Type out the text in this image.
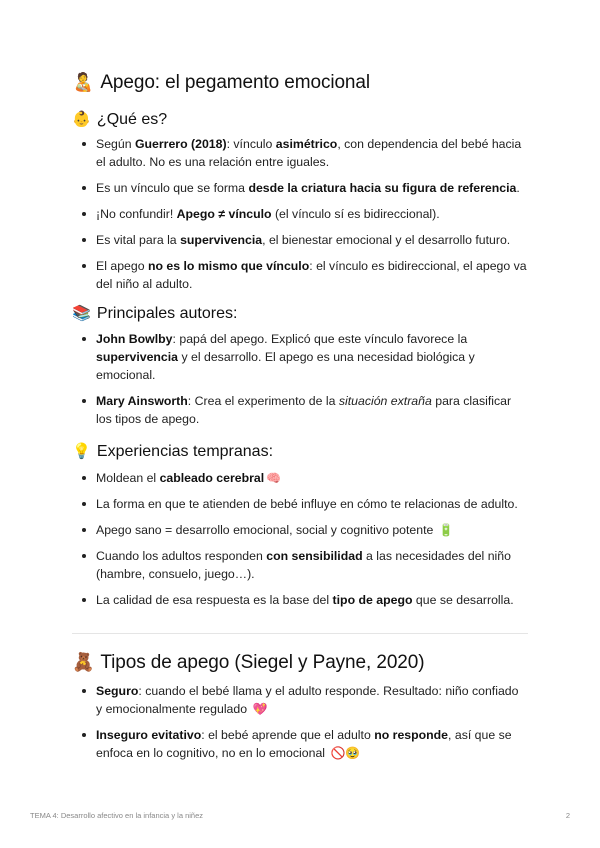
🧑‍🍼 Apego: el pegamento emocional
👶 ¿Qué es?
Según Guerrero (2018): vínculo asimétrico, con dependencia del bebé hacia el adulto. No es una relación entre iguales.
Es un vínculo que se forma desde la criatura hacia su figura de referencia.
¡No confundir! Apego ≠ vínculo (el vínculo sí es bidireccional).
Es vital para la supervivencia, el bienestar emocional y el desarrollo futuro.
El apego no es lo mismo que vínculo: el vínculo es bidireccional, el apego va del niño al adulto.
📚 Principales autores:
John Bowlby: papá del apego. Explicó que este vínculo favorece la supervivencia y el desarrollo. El apego es una necesidad biológica y emocional.
Mary Ainsworth: Crea el experimento de la situación extraña para clasificar los tipos de apego.
💡 Experiencias tempranas:
Moldean el cableado cerebral 🧠
La forma en que te atienden de bebé influye en cómo te relacionas de adulto.
Apego sano = desarrollo emocional, social y cognitivo potente 🔋
Cuando los adultos responden con sensibilidad a las necesidades del niño (hambre, consuelo, juego…).
La calidad de esa respuesta es la base del tipo de apego que se desarrolla.
🧸 Tipos de apego (Siegel y Payne, 2020)
Seguro: cuando el bebé llama y el adulto responde. Resultado: niño confiado y emocionalmente regulado 💖
Inseguro evitativo: el bebé aprende que el adulto no responde, así que se enfoca en lo cognitivo, no en lo emocional 🚫🥹
TEMA 4: Desarrollo afectivo en la infancia y la niñez	2
